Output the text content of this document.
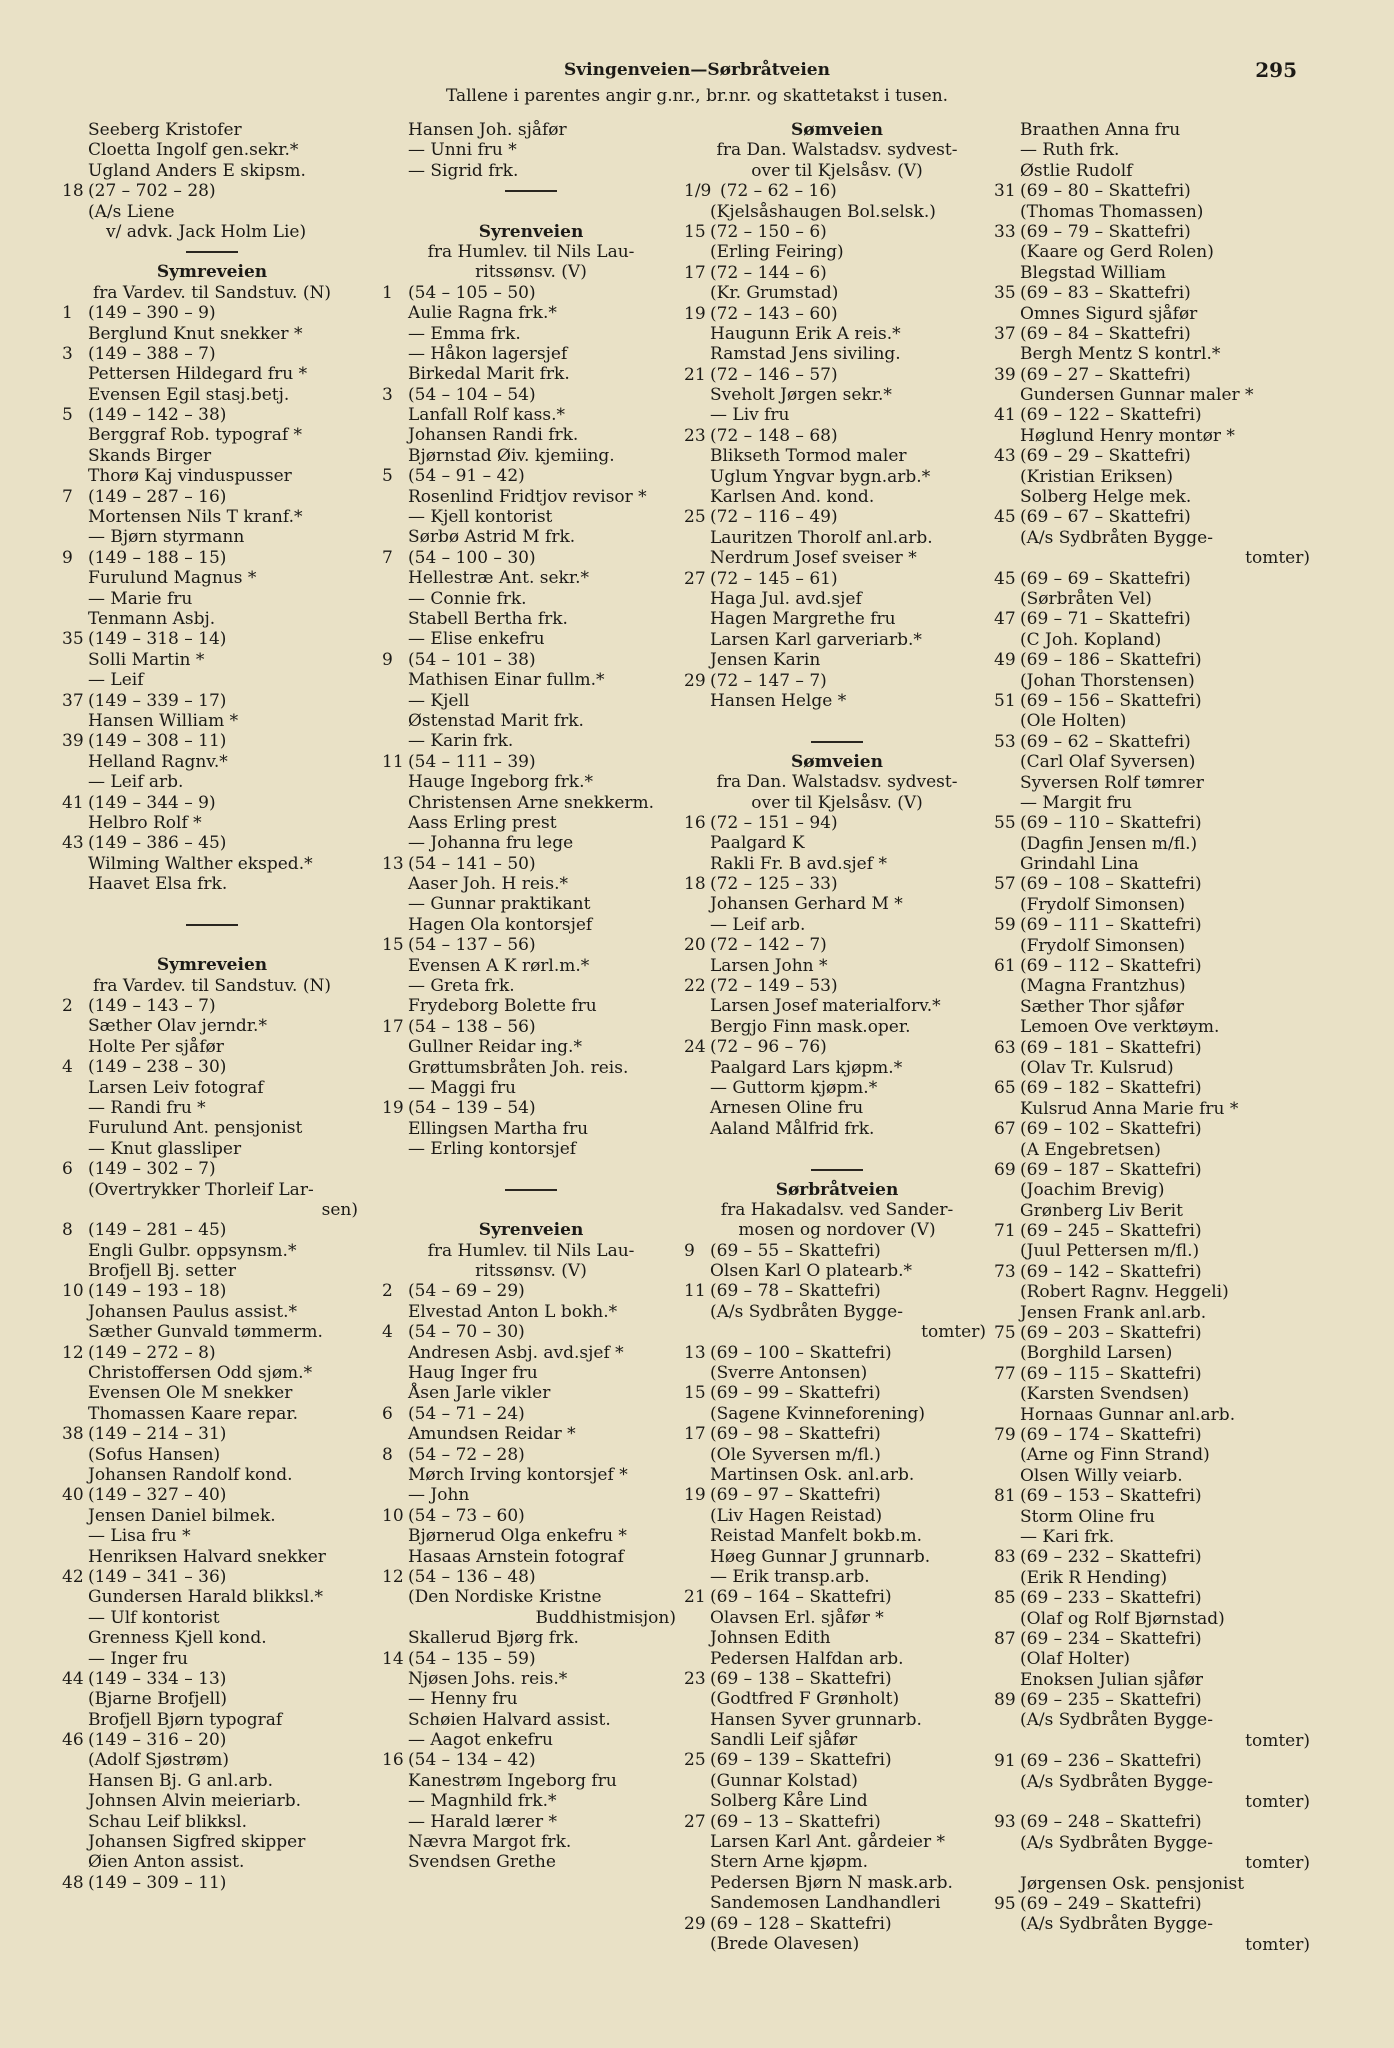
Svingenveien—Sørbråtveien
Tallene i parentes angir g.nr., br.nr. og skattetakst i tusen.
295
Seeberg Kristofer
Cloetta Ingolf gen.sekr.*
Ugland Anders E skipsm.
18 (27 – 702 – 28)
(A/s Liene
v/ advk. Jack Holm Lie)
Symreveien
fra Vardev. til Sandstuv. (N)
1 (149 – 390 – 9)
Berglund Knut snekker *
3 (149 – 388 – 7)
Pettersen Hildegard fru *
Evensen Egil stasj.betj.
5 (149 – 142 – 38)
Berggraf Rob. typograf *
Skands Birger
Thorø Kaj vinduspusser
7 (149 – 287 – 16)
Mortensen Nils T kranf.*
— Bjørn styrmann
9 (149 – 188 – 15)
Furulund Magnus *
— Marie fru
Tenmann Asbj.
35 (149 – 318 – 14)
Solli Martin *
— Leif
37 (149 – 339 – 17)
Hansen William *
39 (149 – 308 – 11)
Helland Ragnv.*
— Leif arb.
41 (149 – 344 – 9)
Helbro Rolf *
43 (149 – 386 – 45)
Wilming Walther eksped.*
Haavet Elsa frk.
Symreveien
fra Vardev. til Sandstuv. (N)
2 (149 – 143 – 7)
Sæther Olav jerndr.*
Holte Per sjåfør
4 (149 – 238 – 30)
Larsen Leiv fotograf
— Randi fru *
Furulund Ant. pensjonist
— Knut glassliper
6 (149 – 302 – 7)
(Overtrykker Thorleif Lar-
sen)
8 (149 – 281 – 45)
Engli Gulbr. oppsynsm.*
Brofjell Bj. setter
10 (149 – 193 – 18)
Johansen Paulus assist.*
Sæther Gunvald tømmerm.
12 (149 – 272 – 8)
Christoffersen Odd sjøm.*
Evensen Ole M snekker
Thomassen Kaare repar.
38 (149 – 214 – 31)
(Sofus Hansen)
Johansen Randolf kond.
40 (149 – 327 – 40)
Jensen Daniel bilmek.
— Lisa fru *
Henriksen Halvard snekker
42 (149 – 341 – 36)
Gundersen Harald blikksl.*
— Ulf kontorist
Grenness Kjell kond.
— Inger fru
44 (149 – 334 – 13)
(Bjarne Brofjell)
Brofjell Bjørn typograf
46 (149 – 316 – 20)
(Adolf Sjøstrøm)
Hansen Bj. G anl.arb.
Johnsen Alvin meieriarb.
Schau Leif blikksl.
Johansen Sigfred skipper
Øien Anton assist.
48 (149 – 309 – 11)
Hansen Joh. sjåfør
— Unni fru *
— Sigrid frk.
Syrenveien
fra Humlev. til Nils Lau-
ritssønsv. (V)
1 (54 – 105 – 50)
Aulie Ragna frk.*
— Emma frk.
— Håkon lagersjef
Birkedal Marit frk.
3 (54 – 104 – 54)
Lanfall Rolf kass.*
Johansen Randi frk.
Bjørnstad Øiv. kjemiing.
5 (54 – 91 – 42)
Rosenlind Fridtjov revisor *
— Kjell kontorist
Sørbø Astrid M frk.
7 (54 – 100 – 30)
Hellestræ Ant. sekr.*
— Connie frk.
Stabell Bertha frk.
— Elise enkefru
9 (54 – 101 – 38)
Mathisen Einar fullm.*
— Kjell
Østenstad Marit frk.
— Karin frk.
11 (54 – 111 – 39)
Hauge Ingeborg frk.*
Christensen Arne snekkerm.
Aass Erling prest
— Johanna fru lege
13 (54 – 141 – 50)
Aaser Joh. H reis.*
— Gunnar praktikant
Hagen Ola kontorsjef
15 (54 – 137 – 56)
Evensen A K rørl.m.*
— Greta frk.
Frydeborg Bolette fru
17 (54 – 138 – 56)
Gullner Reidar ing.*
Grøttumsbråten Joh. reis.
— Maggi fru
19 (54 – 139 – 54)
Ellingsen Martha fru
— Erling kontorsjef
Syrenveien
fra Humlev. til Nils Lau-
ritssønsv. (V)
2 (54 – 69 – 29)
Elvestad Anton L bokh.*
4 (54 – 70 – 30)
Andresen Asbj. avd.sjef *
Haug Inger fru
Åsen Jarle vikler
6 (54 – 71 – 24)
Amundsen Reidar *
8 (54 – 72 – 28)
Mørch Irving kontorsjef *
— John
10 (54 – 73 – 60)
Bjørnerud Olga enkefru *
Hasaas Arnstein fotograf
12 (54 – 136 – 48)
(Den Nordiske Kristne
Buddhistmisjon)
Skallerud Bjørg frk.
14 (54 – 135 – 59)
Njøsen Johs. reis.*
— Henny fru
Schøien Halvard assist.
— Aagot enkefru
16 (54 – 134 – 42)
Kanestrøm Ingeborg fru
— Magnhild frk.*
— Harald lærer *
Nævra Margot frk.
Svendsen Grethe
Sømveien
fra Dan. Walstadsv. sydvest-
over til Kjelsåsv. (V)
1/9 (72 – 62 – 16)
(Kjelsåshaugen Bol.selsk.)
15 (72 – 150 – 6)
(Erling Feiring)
17 (72 – 144 – 6)
(Kr. Grumstad)
19 (72 – 143 – 60)
Haugunn Erik A reis.*
Ramstad Jens siviling.
21 (72 – 146 – 57)
Sveholt Jørgen sekr.*
— Liv fru
23 (72 – 148 – 68)
Blikseth Tormod maler
Uglum Yngvar bygn.arb.*
Karlsen And. kond.
25 (72 – 116 – 49)
Lauritzen Thorolf anl.arb.
Nerdrum Josef sveiser *
27 (72 – 145 – 61)
Haga Jul. avd.sjef
Hagen Margrethe fru
Larsen Karl garveriarb.*
Jensen Karin
29 (72 – 147 – 7)
Hansen Helge *
Sømveien
fra Dan. Walstadsv. sydvest-
over til Kjelsåsv. (V)
16 (72 – 151 – 94)
Paalgard K
Rakli Fr. B avd.sjef *
18 (72 – 125 – 33)
Johansen Gerhard M *
— Leif arb.
20 (72 – 142 – 7)
Larsen John *
22 (72 – 149 – 53)
Larsen Josef materialforv.*
Bergjo Finn mask.oper.
24 (72 – 96 – 76)
Paalgard Lars kjøpm.*
— Guttorm kjøpm.*
Arnesen Oline fru
Aaland Målfrid frk.
Sørbråtveien
fra Hakadalsv. ved Sander-
mosen og nordover (V)
9 (69 – 55 – Skattefri)
Olsen Karl O platearb.*
11 (69 – 78 – Skattefri)
(A/s Sydbråten Bygge-
tomter)
13 (69 – 100 – Skattefri)
(Sverre Antonsen)
15 (69 – 99 – Skattefri)
(Sagene Kvinneforening)
17 (69 – 98 – Skattefri)
(Ole Syversen m/fl.)
Martinsen Osk. anl.arb.
19 (69 – 97 – Skattefri)
(Liv Hagen Reistad)
Reistad Manfelt bokb.m.
Høeg Gunnar J grunnarb.
— Erik transp.arb.
21 (69 – 164 – Skattefri)
Olavsen Erl. sjåfør *
Johnsen Edith
Pedersen Halfdan arb.
23 (69 – 138 – Skattefri)
(Godtfred F Grønholt)
Hansen Syver grunnarb.
Sandli Leif sjåfør
25 (69 – 139 – Skattefri)
(Gunnar Kolstad)
Solberg Kåre Lind
27 (69 – 13 – Skattefri)
Larsen Karl Ant. gårdeier *
Stern Arne kjøpm.
Pedersen Bjørn N mask.arb.
Sandemosen Landhandleri
29 (69 – 128 – Skattefri)
(Brede Olavesen)
Braathen Anna fru
— Ruth frk.
Østlie Rudolf
31 (69 – 80 – Skattefri)
(Thomas Thomassen)
33 (69 – 79 – Skattefri)
(Kaare og Gerd Rolen)
Blegstad William
35 (69 – 83 – Skattefri)
Omnes Sigurd sjåfør
37 (69 – 84 – Skattefri)
Bergh Mentz S kontrl.*
39 (69 – 27 – Skattefri)
Gundersen Gunnar maler *
41 (69 – 122 – Skattefri)
Høglund Henry montør *
43 (69 – 29 – Skattefri)
(Kristian Eriksen)
Solberg Helge mek.
45 (69 – 67 – Skattefri)
(A/s Sydbråten Bygge-
tomter)
45 (69 – 69 – Skattefri)
(Sørbråten Vel)
47 (69 – 71 – Skattefri)
(C Joh. Kopland)
49 (69 – 186 – Skattefri)
(Johan Thorstensen)
51 (69 – 156 – Skattefri)
(Ole Holten)
53 (69 – 62 – Skattefri)
(Carl Olaf Syversen)
Syversen Rolf tømrer
— Margit fru
55 (69 – 110 – Skattefri)
(Dagfin Jensen m/fl.)
Grindahl Lina
57 (69 – 108 – Skattefri)
(Frydolf Simonsen)
59 (69 – 111 – Skattefri)
(Frydolf Simonsen)
61 (69 – 112 – Skattefri)
(Magna Frantzhus)
Sæther Thor sjåfør
Lemoen Ove verktøym.
63 (69 – 181 – Skattefri)
(Olav Tr. Kulsrud)
65 (69 – 182 – Skattefri)
Kulsrud Anna Marie fru *
67 (69 – 102 – Skattefri)
(A Engebretsen)
69 (69 – 187 – Skattefri)
(Joachim Brevig)
Grønberg Liv Berit
71 (69 – 245 – Skattefri)
(Juul Pettersen m/fl.)
73 (69 – 142 – Skattefri)
(Robert Ragnv. Heggeli)
Jensen Frank anl.arb.
75 (69 – 203 – Skattefri)
(Borghild Larsen)
77 (69 – 115 – Skattefri)
(Karsten Svendsen)
Hornaas Gunnar anl.arb.
79 (69 – 174 – Skattefri)
(Arne og Finn Strand)
Olsen Willy veiarb.
81 (69 – 153 – Skattefri)
Storm Oline fru
— Kari frk.
83 (69 – 232 – Skattefri)
(Erik R Hending)
85 (69 – 233 – Skattefri)
(Olaf og Rolf Bjørnstad)
87 (69 – 234 – Skattefri)
(Olaf Holter)
Enoksen Julian sjåfør
89 (69 – 235 – Skattefri)
(A/s Sydbråten Bygge-
tomter)
91 (69 – 236 – Skattefri)
(A/s Sydbråten Bygge-
tomter)
93 (69 – 248 – Skattefri)
(A/s Sydbråten Bygge-
tomter)
Jørgensen Osk. pensjonist
95 (69 – 249 – Skattefri)
(A/s Sydbråten Bygge-
tomter)
